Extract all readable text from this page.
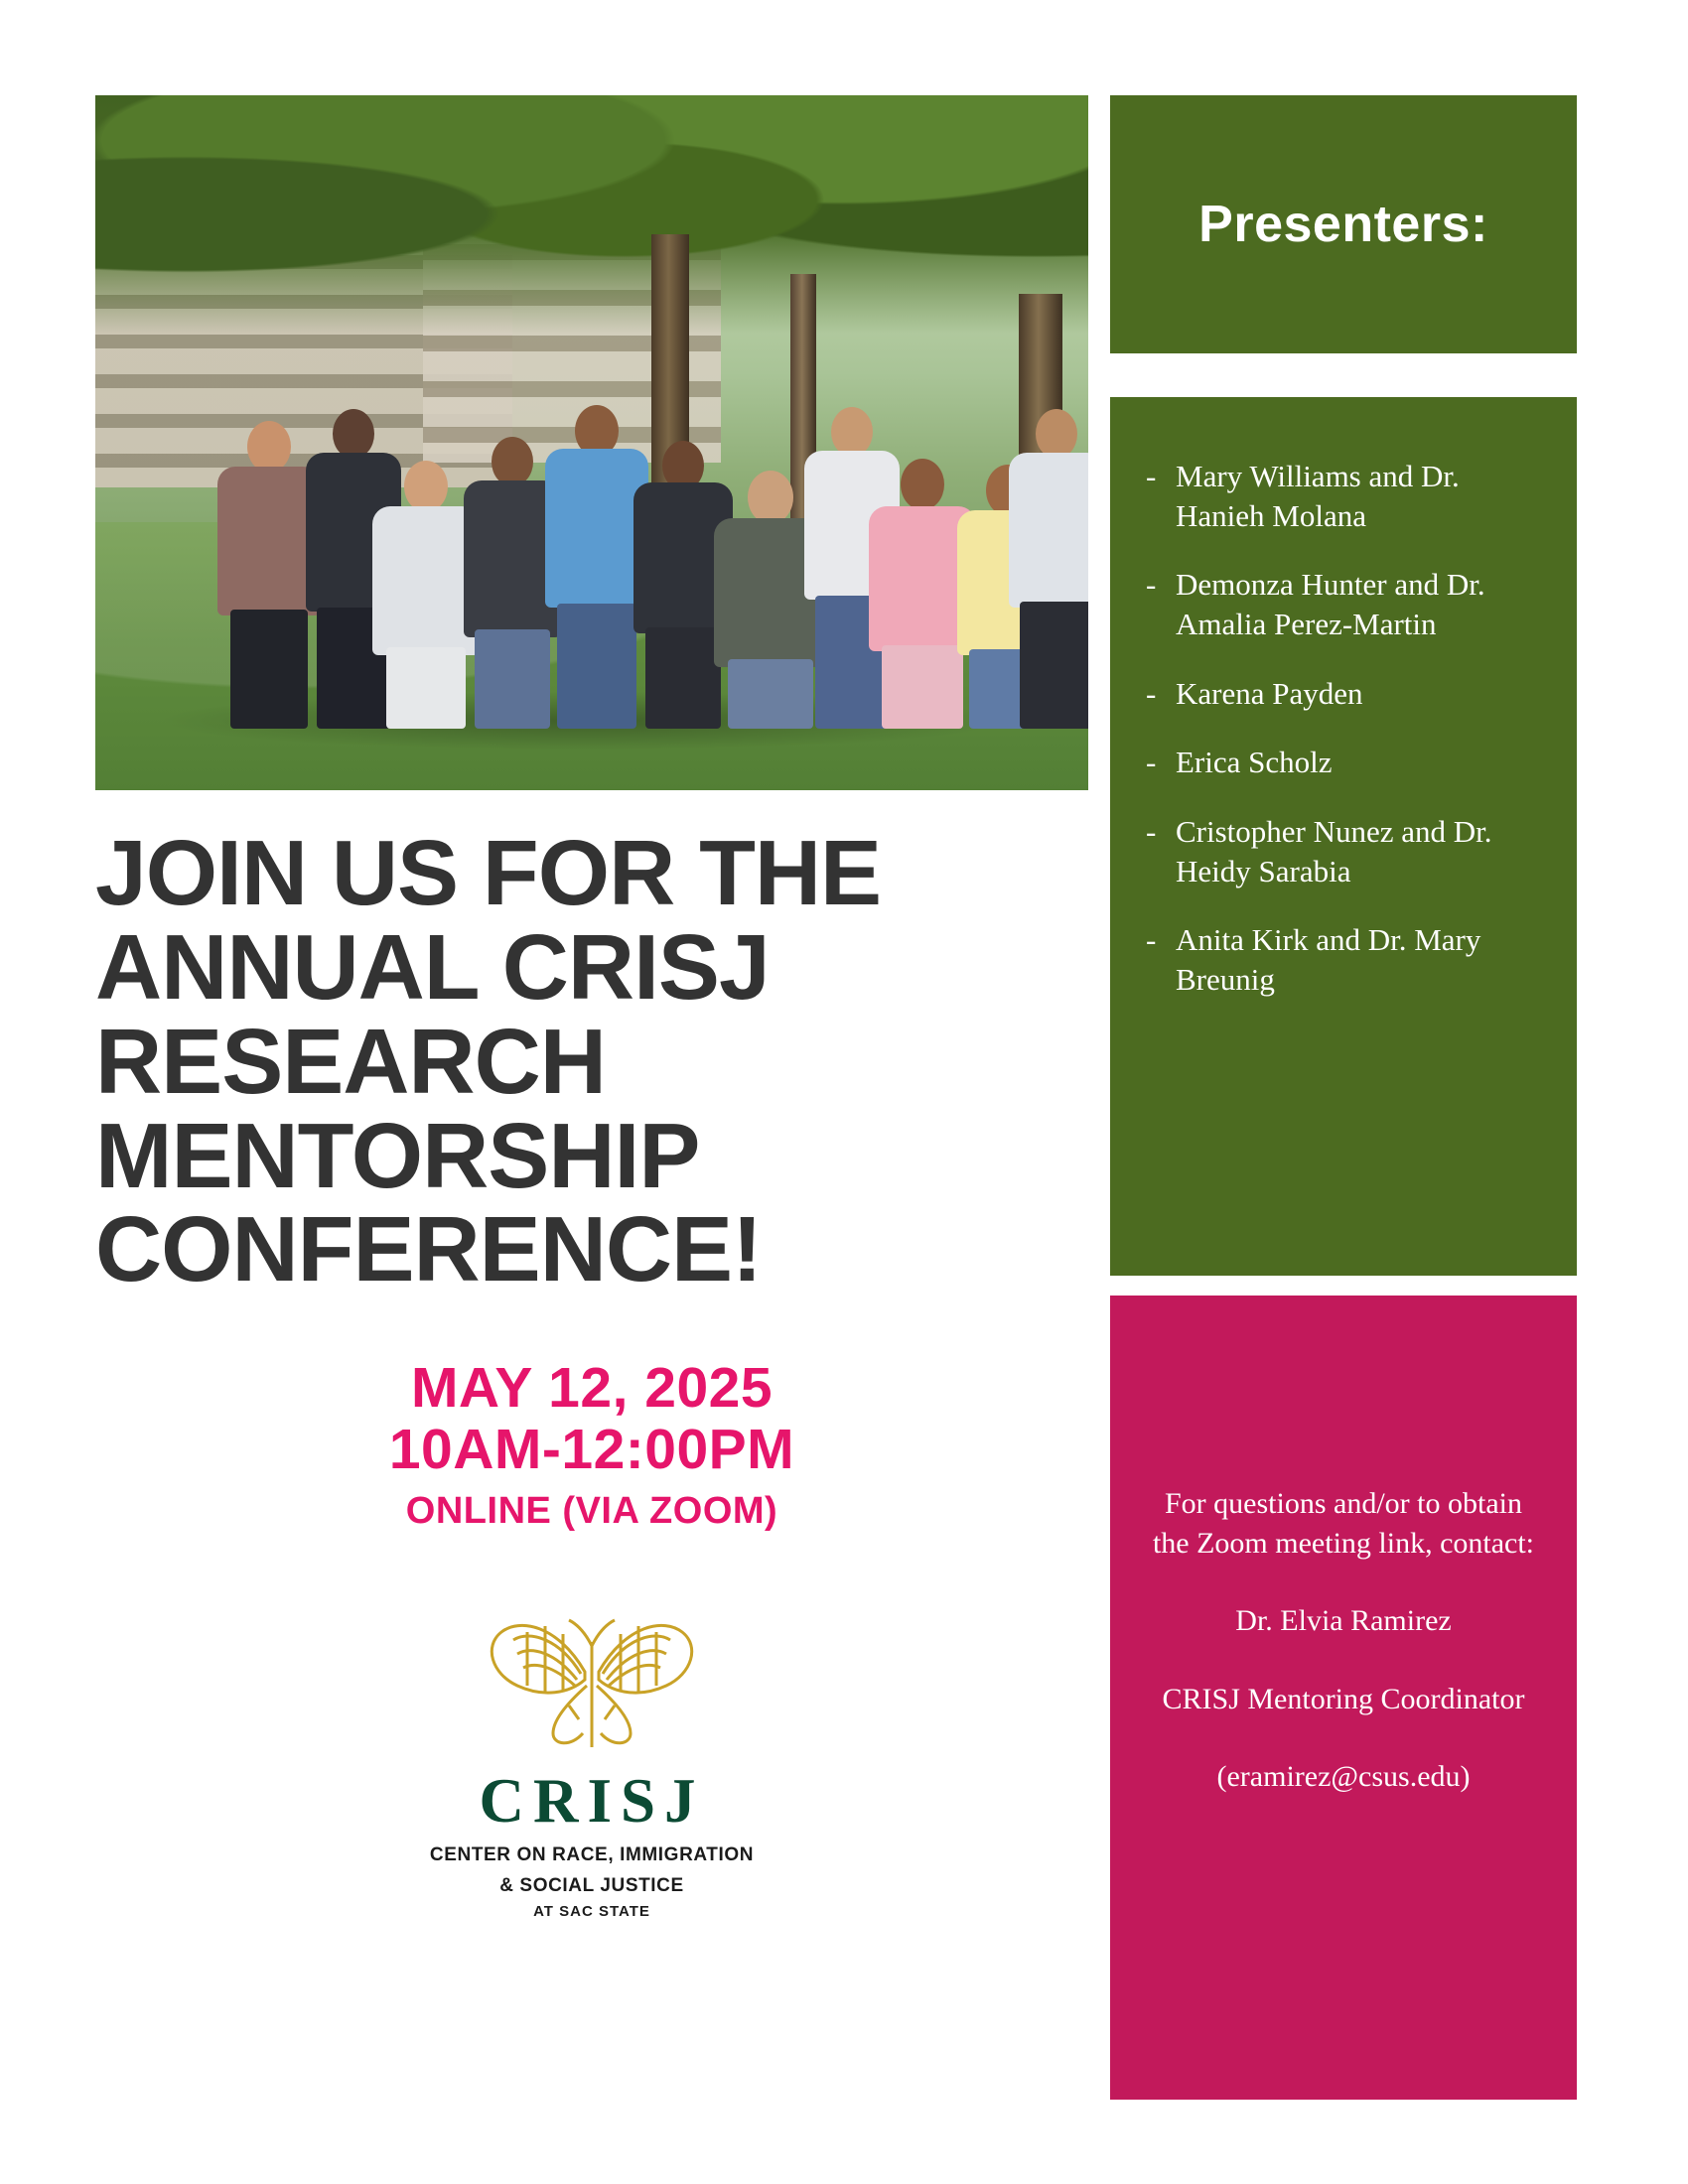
JOIN US FOR THE ANNUAL CRISJ RESEARCH MENTORSHIP CONFERENCE!
MAY 12, 2025
10AM-12:00PM
ONLINE (VIA ZOOM)
CRISJ
CENTER ON RACE, IMMIGRATION
& SOCIAL JUSTICE
AT SAC STATE
Presenters:
- Mary Williams and Dr. Hanieh Molana
- Demonza Hunter and Dr. Amalia Perez-Martin
- Karena Payden
- Erica Scholz
- Cristopher Nunez and Dr. Heidy Sarabia
- Anita Kirk and Dr. Mary Breunig
For questions and/or to obtain the Zoom meeting link, contact:
Dr. Elvia Ramirez
CRISJ Mentoring Coordinator
(eramirez@csus.edu)
